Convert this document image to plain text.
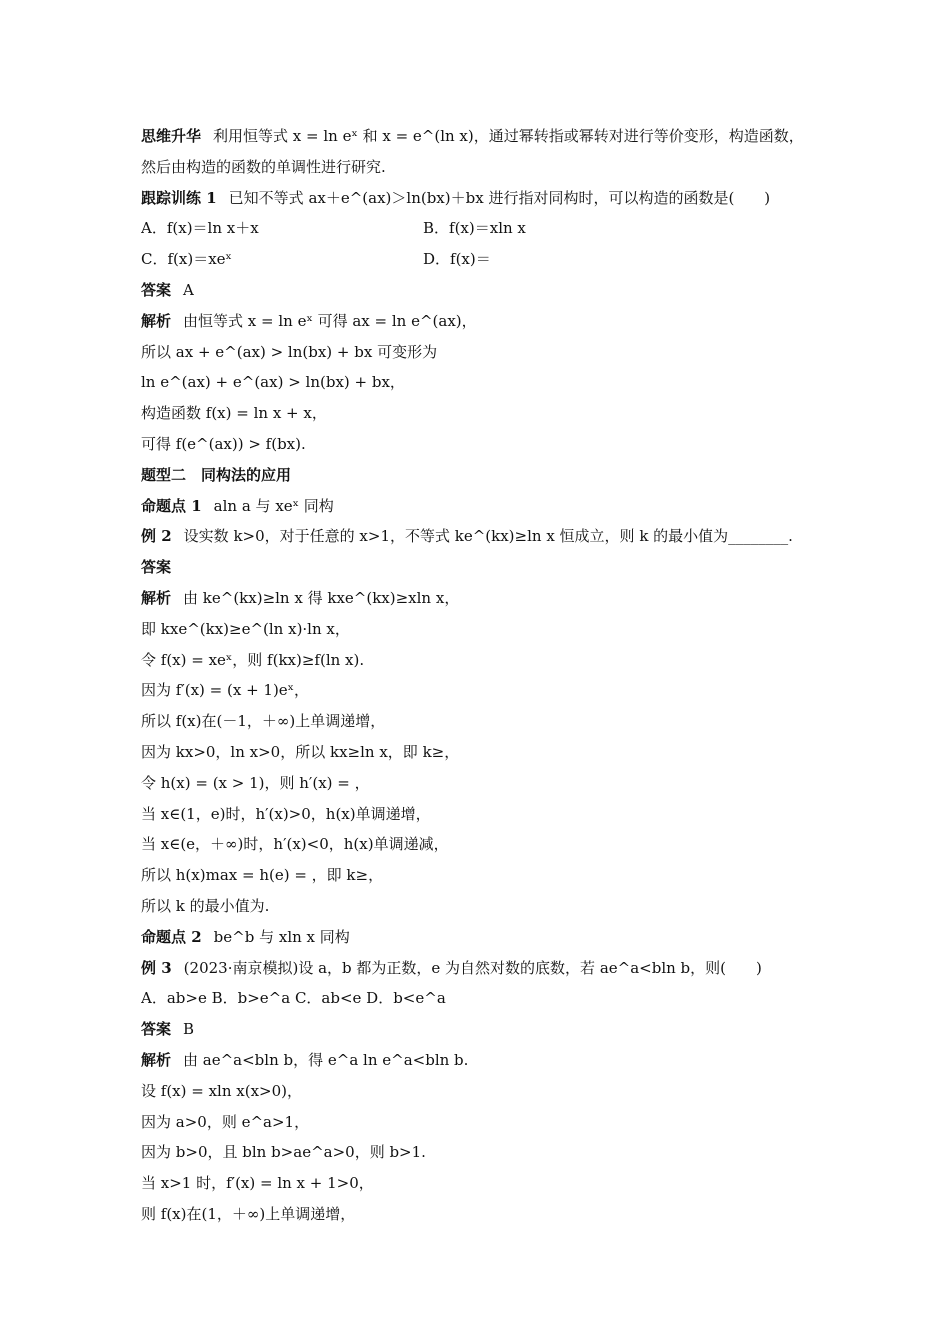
思维升华 利用恒等式 x = ln eˣ 和 x = e^(ln x)，通过幂转指或幂转对进行等价变形，构造函数，
然后由构造的函数的单调性进行研究.
跟踪训练 1 已知不等式 ax＋e^(ax)＞ln(bx)＋bx 进行指对同构时，可以构造的函数是(　　)
A．f(x)＝ln x＋x	B．f(x)＝xln x
C．f(x)＝xeˣ	D．f(x)＝
答案 A
解析 由恒等式 x = ln eˣ 可得 ax = ln e^(ax)，
所以 ax + e^(ax) > ln(bx) + bx 可变形为
ln e^(ax) + e^(ax) > ln(bx) + bx，
构造函数 f(x) = ln x + x，
可得 f(e^(ax)) > f(bx).
题型二　同构法的应用
命题点 1 aln a 与 xeˣ 同构
例 2 设实数 k>0，对于任意的 x>1，不等式 ke^(kx)≥ln x 恒成立，则 k 的最小值为________.
答案
解析 由 ke^(kx)≥ln x 得 kxe^(kx)≥xln x，
即 kxe^(kx)≥e^(ln x)·ln x，
令 f(x) = xeˣ，则 f(kx)≥f(ln x).
因为 f′(x) = (x + 1)eˣ，
所以 f(x)在(－1，＋∞)上单调递增，
因为 kx>0，ln x>0，所以 kx≥ln x，即 k≥，
令 h(x) = (x > 1)，则 h′(x) = ，
当 x∈(1，e)时，h′(x)>0，h(x)单调递增，
当 x∈(e，＋∞)时，h′(x)<0，h(x)单调递减，
所以 h(x)max = h(e) = ，即 k≥，
所以 k 的最小值为.
命题点 2 be^b 与 xln x 同构
例 3 (2023·南京模拟)设 a，b 都为正数，e 为自然对数的底数，若 ae^a<bln b，则(　　)
A．ab>e B．b>e^a C．ab<e D．b<e^a
答案 B
解析 由 ae^a<bln b，得 e^a ln e^a<bln b.
设 f(x) = xln x(x>0)，
因为 a>0，则 e^a>1，
因为 b>0，且 bln b>ae^a>0，则 b>1.
当 x>1 时，f′(x) = ln x + 1>0，
则 f(x)在(1，＋∞)上单调递增，
